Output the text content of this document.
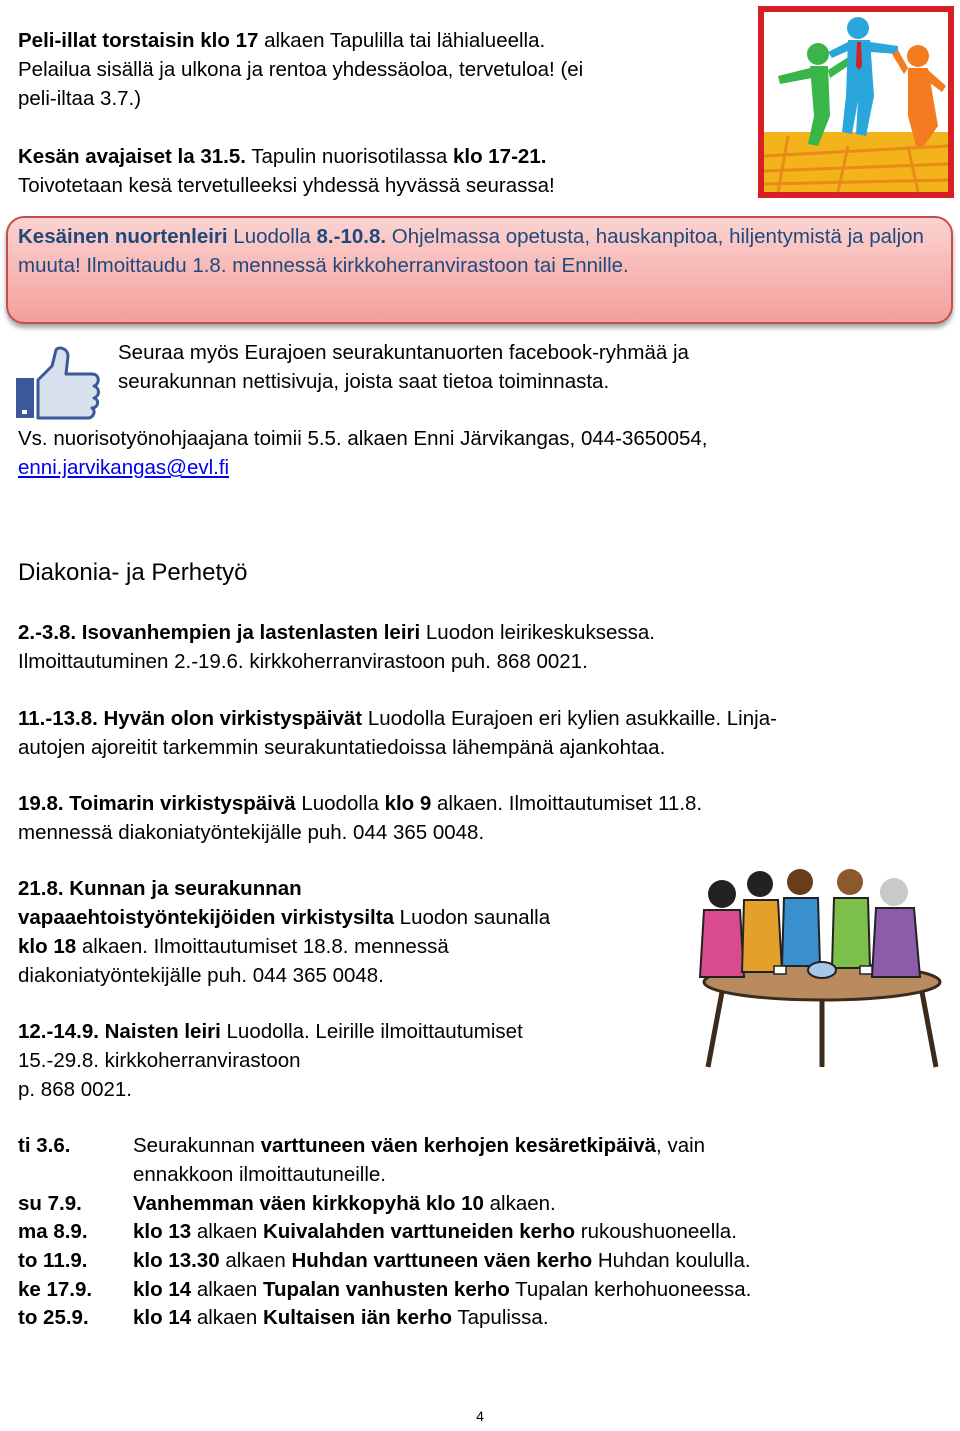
Peli-illat torstaisin klo 17 alkaen Tapulilla tai lähialueella.

Pelailua sisällä ja ulkona ja rentoa yhdessäoloa, tervetuloa! (ei

peli-iltaa 3.7.)

Kesän avajaiset la 31.5. Tapulin nuorisotilassa klo 17-21.

Toivotetaan kesä tervetulleeksi yhdessä hyvässä seurassa!

Kesäinen nuortenleiri Luodolla 8.-10.8. Ohjelmassa opetusta, hauskanpitoa, hiljentymistä ja paljon muuta! Ilmoittaudu 1.8. mennessä kirkkoherranvirastoon tai Ennille.

Seuraa myös Eurajoen seurakuntanuorten facebook-ryhmää ja

seurakunnan nettisivuja, joista saat tietoa toiminnasta.

Vs. nuorisotyönohjaajana toimii 5.5. alkaen Enni Järvikangas, 044-3650054,

enni.jarvikangas@evl.fi

Diakonia- ja Perhetyö

2.-3.8. Isovanhempien ja lastenlasten leiri Luodon leirikeskuksessa.

Ilmoittautuminen 2.-19.6. kirkkoherranvirastoon puh. 868 0021.

11.-13.8. Hyvän olon virkistyspäivät Luodolla Eurajoen eri kylien asukkaille. Linja-

autojen ajoreitit tarkemmin seurakuntatiedoissa lähempänä ajankohtaa.

19.8. Toimarin virkistyspäivä Luodolla klo 9 alkaen. Ilmoittautumiset 11.8.

mennessä diakoniatyöntekijälle puh. 044 365 0048.

21.8. Kunnan ja seurakunnan

vapaaehtoistyöntekijöiden virkistysilta Luodon saunalla

klo 18 alkaen. Ilmoittautumiset 18.8. mennessä

diakoniatyöntekijälle puh. 044 365 0048.

12.-14.9. Naisten leiri Luodolla. Leirille ilmoittautumiset

15.-29.8. kirkkoherranvirastoon

p. 868 0021.

ti 3.6.	Seurakunnan varttuneen väen kerhojen kesäretkipäivä, vain
ennakkoon ilmoittautuneille.
su 7.9.	Vanhemman väen kirkkopyhä klo 10 alkaen.
ma 8.9.	klo 13 alkaen Kuivalahden varttuneiden kerho rukoushuoneella.
to 11.9.	klo 13.30 alkaen Huhdan varttuneen väen kerho Huhdan koululla.
ke 17.9.	klo 14 alkaen Tupalan vanhusten kerho Tupalan kerhohuoneessa.
to 25.9.	klo 14 alkaen Kultaisen iän kerho Tapulissa.
4
